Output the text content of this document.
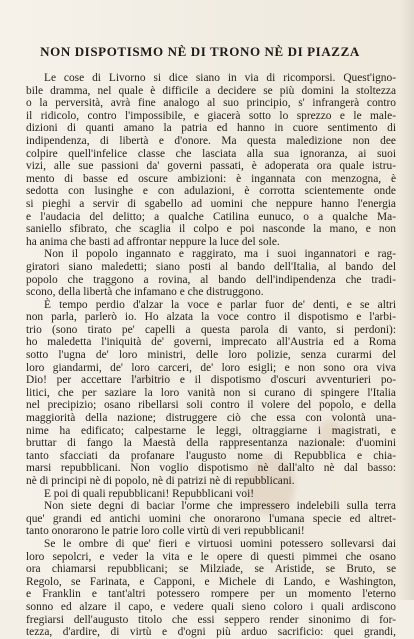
NON DISPOTISMO NÈ DI TRONO NÈ DI PIAZZA
Le cose di Livorno si dice siano in via di ricomporsi. Quest'igno-
bile dramma, nel quale è difficile a decidere se più domini la stoltezza
o la perversità, avrà fine analogo al suo principio, s' infrangerà contro
il ridicolo, contro l'impossibile, e giacerà sotto lo sprezzo e le male-
dizioni di quanti amano la patria ed hanno in cuore sentimento di
indipendenza, di libertà e d'onore. Ma questa maledizione non dee
colpire quell'infelice classe che lasciata alla sua ignoranza, ai suoi
vizi, alle sue passioni da' governi passati, è adoperata ora quale istru-
mento di basse ed oscure ambizioni: è ingannata con menzogna, è
sedotta con lusinghe e con adulazioni, è corrotta scientemente onde
si pieghi a servir di sgabello ad uomini che neppure hanno l'energia
e l'audacia del delitto; a qualche Catilina eunuco, o a qualche Ma-
saniello sfibrato, che scaglia il colpo e poi nasconde la mano, e non
ha anima che basti ad affrontar neppure la luce del sole.
Non il popolo ingannato e raggirato, ma i suoi ingannatori e rag-
giratori siano maledetti; siano posti al bando dell'Italia, al bando del
popolo che traggono a rovina, al bando dell'indipendenza che tradi-
scono, della libertà che infamano e che distruggono.
È tempo perdio d'alzar la voce e parlar fuor de' denti, e se altri
non parla, parlerò io. Ho alzata la voce contro il dispotismo e l'arbi-
trio (sono tirato pe' capelli a questa parola di vanto, si perdoni):
ho maledetta l'iniquità de' governi, imprecato all'Austria ed a Roma
sotto l'ugna de' loro ministri, delle loro polizie, senza curarmi del
loro giandarmi, de' loro carceri, de' loro esigli; e non sono ora viva
Dio! per accettare l'arbitrio e il dispotismo d'oscuri avventurieri po-
litici, che per saziare la loro vanità non si curano di spingere l'Italia
nel precipizio; osano ribellarsi soli contro il volere del popolo, e della
maggiorità della nazione; distruggere ciò che essa con volontà una-
nime ha edificato; calpestarne le leggi, oltraggiarne i magistrati, e
bruttar di fango la Maestà della rappresentanza nazionale: d'uomini
tanto sfacciati da profanare l'augusto nome di Repubblica e chia-
marsi repubblicani. Non voglio dispotismo nè dall'alto nè dal basso:
nè di principi nè di popolo, nè di patrizi nè di repubblicani.
E poi di quali repubblicani! Repubblicani voi!
Non siete degni di baciar l'orme che impressero indelebili sulla terra
que' grandi ed antichi uomini che onorarono l'umana specie ed altret-
tanto onorarono le patrie loro colle virtù di veri repubblicani!
Se le ombre di que' fieri e virtuosi uomini potessero sollevarsi dai
loro sepolcri, e veder la vita e le opere di questi pimmei che osano
ora chiamarsi repubblicani; se Milziade, se Aristide, se Bruto, se
Regolo, se Farinata, e Capponi, e Michele di Lando, e Washington,
e Franklin e tant'altri potessero rompere per un momento l'eterno
sonno ed alzare il capo, e vedere quali sieno coloro i quali ardiscono
fregiarsi dell'augusto titolo che essi seppero render sinonimo di for-
tezza, d'ardire, di virtù e d'ogni più arduo sacrificio: quei grandi,
